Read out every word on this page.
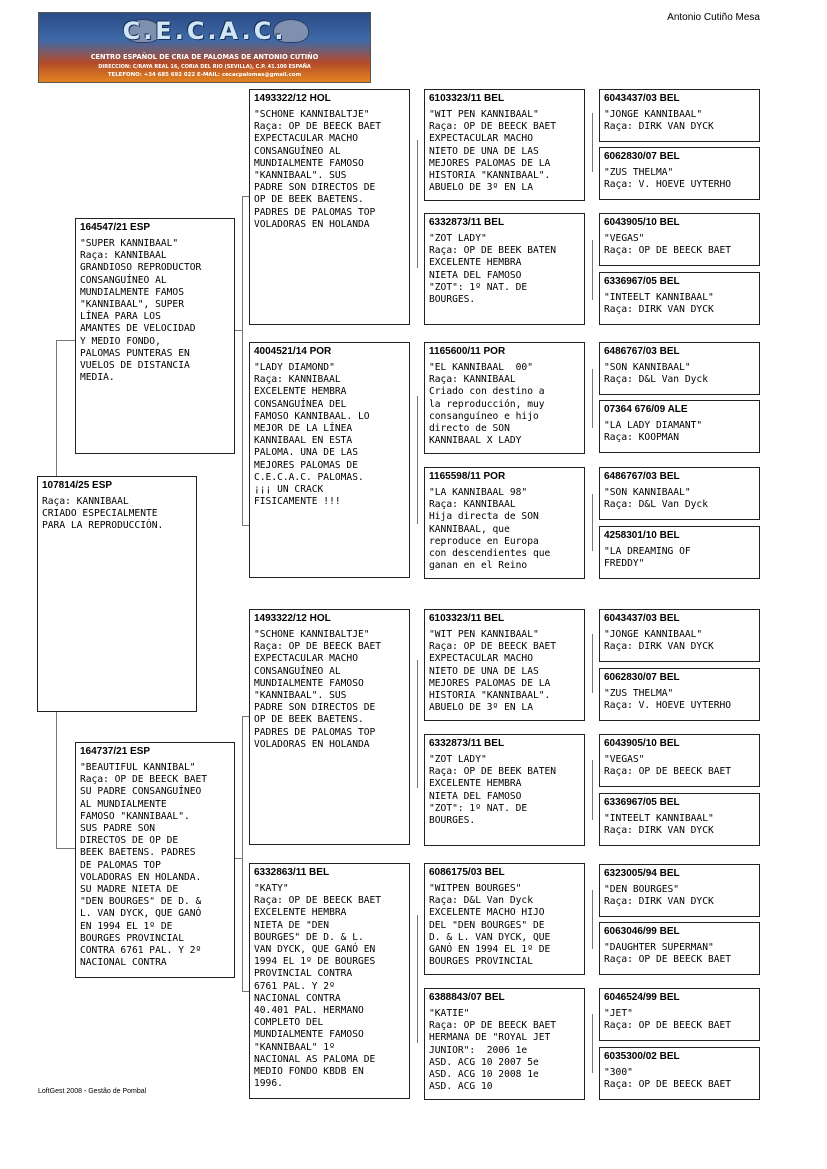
C.E.C.A.C.
CENTRO ESPAÑOL DE CRIA DE PALOMAS DE ANTONIO CUTIÑO
DIRECCION: C/RAYA REAL 16, CORIA DEL RIO (SEVILLA), C.P. 41.100 ESPAÑA
TELEFONO: +34 685 692 022 E-MAIL: cecacpalomas@gmail.com
Antonio Cutiño Mesa
107814/25 ESP
Raça: KANNIBAAL
CRIADO ESPECIALMENTE
PARA LA REPRODUCCIÓN.
164547/21 ESP
"SUPER KANNIBAAL"
Raça: KANNIBAAL
GRANDIOSO REPRODUCTOR
CONSANGUÍNEO AL
MUNDIALMENTE FAMOS
"KANNIBAAL", SUPER
LÍNEA PARA LOS
AMANTES DE VELOCIDAD
Y MEDIO FONDO,
PALOMAS PUNTERAS EN
VUELOS DE DISTANCIA
MEDIA.
164737/21 ESP
"BEAUTIFUL KANNIBAL"
Raça: OP DE BEECK BAET
SU PADRE CONSANGUÍNEO
AL MUNDIALMENTE
FAMOSO "KANNIBAAL".
SUS PADRE SON
DIRECTOS DE OP DE
BEEK BAETENS. PADRES
DE PALOMAS TOP
VOLADORAS EN HOLANDA.
SU MADRE NIETA DE
"DEN BOURGES" DE D. &
L. VAN DYCK, QUE GANÓ
EN 1994 EL 1º DE
BOURGES PROVINCIAL
CONTRA 6761 PAL. Y 2º
NACIONAL CONTRA
1493322/12 HOL
"SCHONE KANNIBALTJE"
Raça: OP DE BEECK BAET
EXPECTACULAR MACHO
CONSANGUÍNEO AL
MUNDIALMENTE FAMOSO
"KANNIBAAL". SUS
PADRE SON DIRECTOS DE
OP DE BEEK BAETENS.
PADRES DE PALOMAS TOP
VOLADORAS EN HOLANDA
4004521/14 POR
"LADY DIAMOND"
Raça: KANNIBAAL
EXCELENTE HEMBRA
CONSANGUÍNEA DEL
FAMOSO KANNIBAAL. LO
MEJOR DE LA LÍNEA
KANNIBAAL EN ESTA
PALOMA. UNA DE LAS
MEJORES PALOMAS DE
C.E.C.A.C. PALOMAS.
¡¡¡ UN CRACK
FISICAMENTE !!!
1493322/12 HOL
"SCHONE KANNIBALTJE"
Raça: OP DE BEECK BAET
EXPECTACULAR MACHO
CONSANGUÍNEO AL
MUNDIALMENTE FAMOSO
"KANNIBAAL". SUS
PADRE SON DIRECTOS DE
OP DE BEEK BAETENS.
PADRES DE PALOMAS TOP
VOLADORAS EN HOLANDA
6332863/11 BEL
"KATY"
Raça: OP DE BEECK BAET
EXCELENTE HEMBRA
NIETA DE "DEN
BOURGES" DE D. & L.
VAN DYCK, QUE GANÓ EN
1994 EL 1º DE BOURGES
PROVINCIAL CONTRA
6761 PAL. Y 2º
NACIONAL CONTRA
40.401 PAL. HERMANO
COMPLETO DEL
MUNDIALMENTE FAMOSO
"KANNIBAAL" 1º
NACIONAL AS PALOMA DE
MEDIO FONDO KBDB EN
1996.
6103323/11 BEL
"WIT PEN KANNIBAAL"
Raça: OP DE BEECK BAET
EXPECTACULAR MACHO
NIETO DE UNA DE LAS
MEJORES PALOMAS DE LA
HISTORIA "KANNIBAAL".
ABUELO DE 3º EN LA
6332873/11 BEL
"ZOT LADY"
Raça: OP DE BEEK BATEN
EXCELENTE HEMBRA
NIETA DEL FAMOSO
"ZOT": 1º NAT. DE
BOURGES.
1165600/11 POR
"EL KANNIBAAL  00"
Raça: KANNIBAAL
Criado con destino a
la reproducción, muy
consanguíneo e hijo
directo de SON
KANNIBAAL X LADY
1165598/11 POR
"LA KANNIBAAL 98"
Raça: KANNIBAAL
Hija directa de SON
KANNIBAAL, que
reproduce en Europa
con descendientes que
ganan en el Reino
6103323/11 BEL
"WIT PEN KANNIBAAL"
Raça: OP DE BEECK BAET
EXPECTACULAR MACHO
NIETO DE UNA DE LAS
MEJORES PALOMAS DE LA
HISTORIA "KANNIBAAL".
ABUELO DE 3º EN LA
6332873/11 BEL
"ZOT LADY"
Raça: OP DE BEEK BATEN
EXCELENTE HEMBRA
NIETA DEL FAMOSO
"ZOT": 1º NAT. DE
BOURGES.
6086175/03 BEL
"WITPEN BOURGES"
Raça: D&L Van Dyck
EXCELENTE MACHO HIJO
DEL "DEN BOURGES" DE
D. & L. VAN DYCK, QUE
GANÓ EN 1994 EL 1º DE
BOURGES PROVINCIAL
6388843/07 BEL
"KATIE"
Raça: OP DE BEECK BAET
HERMANA DE "ROYAL JET
JUNIOR":  2006 1e
ASD. ACG 10 2007 5e
ASD. ACG 10 2008 1e
ASD. ACG 10
6043437/03 BEL
"JONGE KANNIBAAL"
Raça: DIRK VAN DYCK
6062830/07 BEL
"ZUS THELMA"
Raça: V. HOEVE UYTERHO
6043905/10 BEL
"VEGAS"
Raça: OP DE BEECK BAET
6336967/05 BEL
"INTEELT KANNIBAAL"
Raça: DIRK VAN DYCK
6486767/03 BEL
"SON KANNIBAAL"
Raça: D&L Van Dyck
07364 676/09 ALE
"LA LADY DIAMANT"
Raça: KOOPMAN
6486767/03 BEL
"SON KANNIBAAL"
Raça: D&L Van Dyck
4258301/10 BEL
"LA DREAMING OF
FREDDY"
6043437/03 BEL
"JONGE KANNIBAAL"
Raça: DIRK VAN DYCK
6062830/07 BEL
"ZUS THELMA"
Raça: V. HOEVE UYTERHO
6043905/10 BEL
"VEGAS"
Raça: OP DE BEECK BAET
6336967/05 BEL
"INTEELT KANNIBAAL"
Raça: DIRK VAN DYCK
6323005/94 BEL
"DEN BOURGES"
Raça: DIRK VAN DYCK
6063046/99 BEL
"DAUGHTER SUPERMAN"
Raça: OP DE BEECK BAET
6046524/99 BEL
"JET"
Raça: OP DE BEECK BAET
6035300/02 BEL
"300"
Raça: OP DE BEECK BAET
LoftGest 2008 - Gestão de Pombal
